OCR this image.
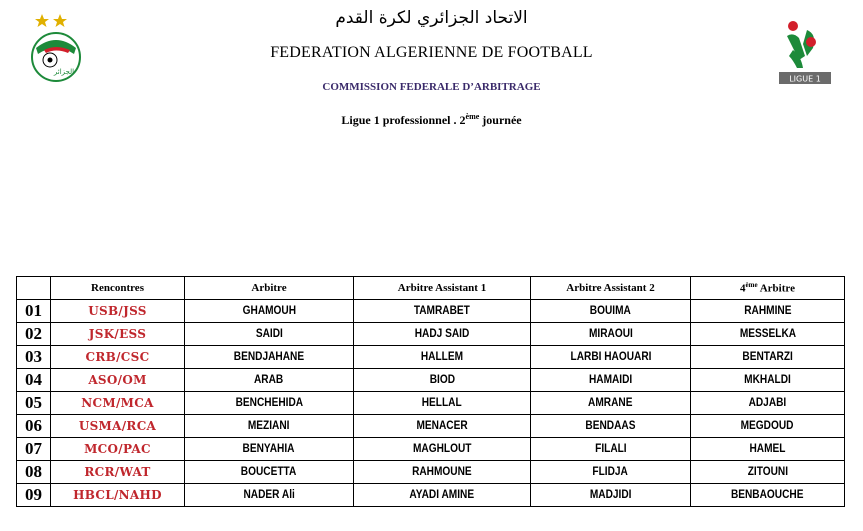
الجزائر
LIGUE 1
الاتحاد الجزائري لكرة القدم
FEDERATION ALGERIENNE DE FOOTBALL
COMMISSION FEDERALE D’ARBITRAGE
Ligue 1 professionnel . 2ème journée
	Rencontres	Arbitre	Arbitre Assistant 1	Arbitre Assistant 2	4ème Arbitre
01	USB/JSS	GHAMOUH	TAMRABET	BOUIMA	RAHMINE
02	JSK/ESS	SAIDI	HADJ SAID	MIRAOUI	MESSELKA
03	CRB/CSC	BENDJAHANE	HALLEM	LARBI HAOUARI	BENTARZI
04	ASO/OM	ARAB	BIOD	HAMAIDI	MKHALDI
05	NCM/MCA	BENCHEHIDA	HELLAL	AMRANE	ADJABI
06	USMA/RCA	MEZIANI	MENACER	BENDAAS	MEGDOUD
07	MCO/PAC	BENYAHIA	MAGHLOUT	FILALI	HAMEL
08	RCR/WAT	BOUCETTA	RAHMOUNE	FLIDJA	ZITOUNI
09	HBCL/NAHD	NADER Ali	AYADI AMINE	MADJIDI	BENBAOUCHE
